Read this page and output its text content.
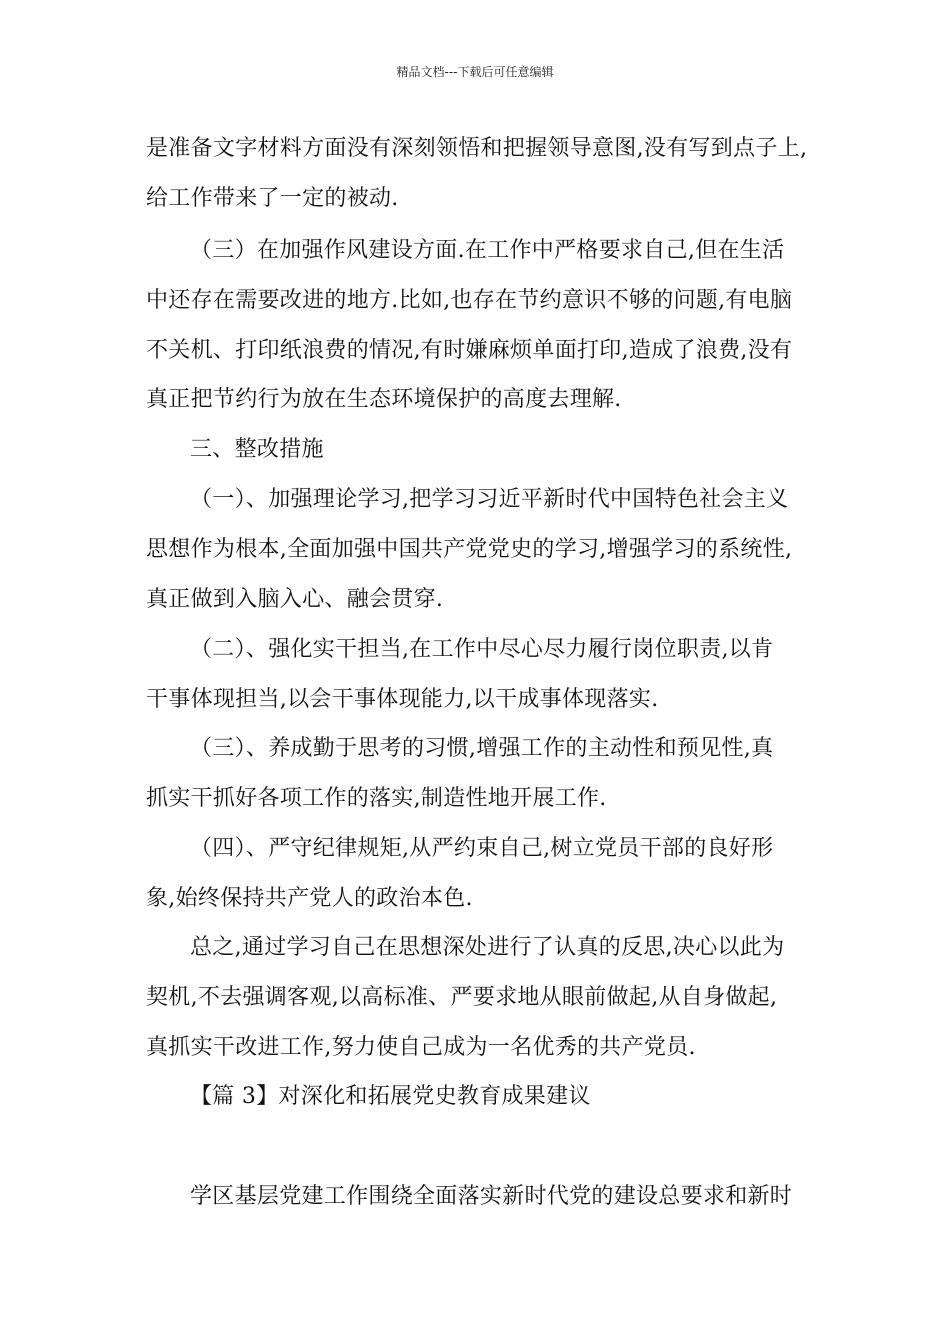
精品文档---下载后可任意编辑
是准备文字材料方面没有深刻领悟和把握领导意图,没有写到点子上,
给工作带来了一定的被动.
（三）在加强作风建设方面.在工作中严格要求自己,但在生活
中还存在需要改进的地方.比如,也存在节约意识不够的问题,有电脑
不关机、打印纸浪费的情况,有时嫌麻烦单面打印,造成了浪费,没有
真正把节约行为放在生态环境保护的高度去理解.
三、整改措施
（一）、加强理论学习,把学习习近平新时代中国特色社会主义
思想作为根本,全面加强中国共产党党史的学习,增强学习的系统性,
真正做到入脑入心、融会贯穿.
（二）、强化实干担当,在工作中尽心尽力履行岗位职责,以肯
干事体现担当,以会干事体现能力,以干成事体现落实.
（三）、养成勤于思考的习惯,增强工作的主动性和预见性,真
抓实干抓好各项工作的落实,制造性地开展工作.
（四）、严守纪律规矩,从严约束自己,树立党员干部的良好形
象,始终保持共产党人的政治本色.
总之,通过学习自己在思想深处进行了认真的反思,决心以此为
契机,不去强调客观,以高标准、严要求地从眼前做起,从自身做起,
真抓实干改进工作,努力使自己成为一名优秀的共产党员.
【篇 3】对深化和拓展党史教育成果建议
学区基层党建工作围绕全面落实新时代党的建设总要求和新时
